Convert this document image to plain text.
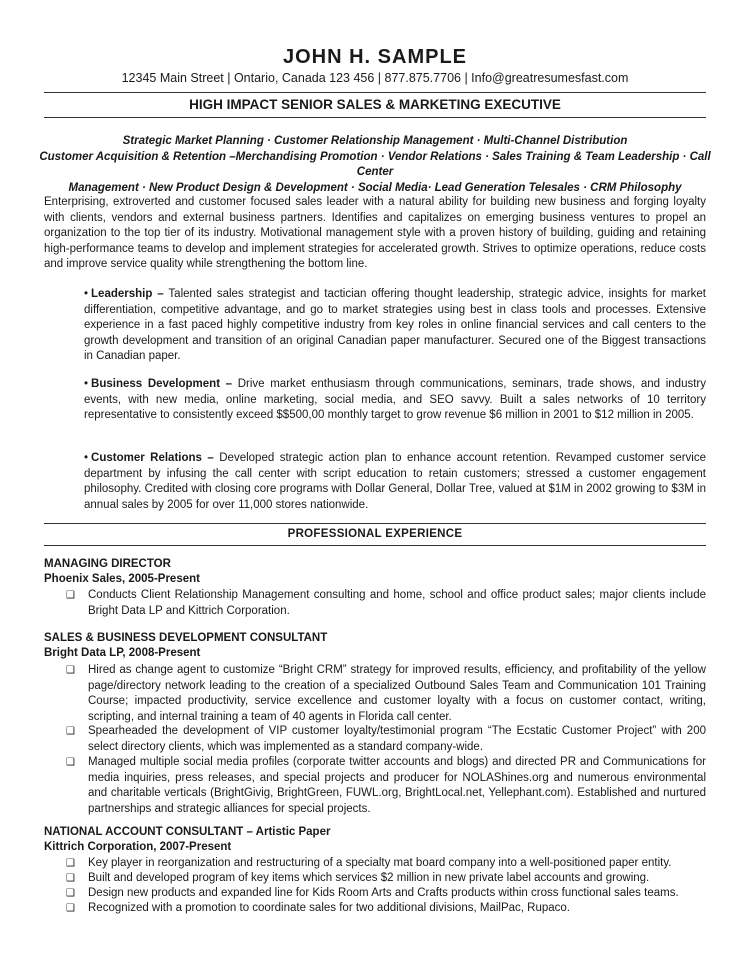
JOHN H. SAMPLE
12345 Main Street | Ontario, Canada 123 456 | 877.875.7706 | Info@greatresumesfast.com
HIGH IMPACT SENIOR SALES & MARKETING EXECUTIVE
Strategic Market Planning · Customer Relationship Management · Multi-Channel Distribution
Customer Acquisition & Retention –Merchandising Promotion · Vendor Relations · Sales Training & Team Leadership · Call Center
Management · New Product Design & Development · Social Media· Lead Generation Telesales · CRM Philosophy
Enterprising, extroverted and customer focused sales leader with a natural ability for building new business and forging loyalty with clients, vendors and external business partners. Identifies and capitalizes on emerging business ventures to propel an organization to the top tier of its industry. Motivational management style with a proven history of building, guiding and retaining high-performance teams to develop and implement strategies for accelerated growth. Strives to optimize operations, reduce costs and improve service quality while strengthening the bottom line.
• Leadership – Talented sales strategist and tactician offering thought leadership, strategic advice, insights for market differentiation, competitive advantage, and go to market strategies using best in class tools and processes. Extensive experience in a fast paced highly competitive industry from key roles in online financial services and call centers to the growth development and transition of an original Canadian paper manufacturer. Secured one of the Biggest transactions in Canadian paper.
• Business Development – Drive market enthusiasm through communications, seminars, trade shows, and industry events, with new media, online marketing, social media, and SEO savvy. Built a sales networks of 10 territory representative to consistently exceed $$500,00 monthly target to grow revenue $6 million in 2001 to $12 million in 2005.
• Customer Relations – Developed strategic action plan to enhance account retention. Revamped customer service department by infusing the call center with script education to retain customers; stressed a customer engagement philosophy. Credited with closing core programs with Dollar General, Dollar Tree, valued at $1M in 2002 growing to $3M in annual sales by 2005 for over 11,000 stores nationwide.
PROFESSIONAL EXPERIENCE
MANAGING DIRECTOR
Phoenix Sales, 2005-Present
❑ Conducts Client Relationship Management consulting and home, school and office product sales; major clients include Bright Data LP and Kittrich Corporation.
SALES & BUSINESS DEVELOPMENT CONSULTANT
Bright Data LP, 2008-Present
❑ Hired as change agent to customize “Bright CRM” strategy for improved results, efficiency, and profitability of the yellow page/directory network leading to the creation of a specialized Outbound Sales Team and Communication 101 Training Course; impacted productivity, service excellence and customer loyalty with a focus on customer contact, writing, scripting, and internal training a team of 40 agents in Florida call center.
❑ Spearheaded the development of VIP customer loyalty/testimonial program “The Ecstatic Customer Project” with 200 select directory clients, which was implemented as a standard company-wide.
❑ Managed multiple social media profiles (corporate twitter accounts and blogs) and directed PR and Communications for media inquiries, press releases, and special projects and producer for NOLAShines.org and numerous environmental and charitable verticals (BrightGivig, BrightGreen, FUWL.org, BrightLocal.net, Yellephant.com). Established and nurtured partnerships and strategic alliances for special projects.
NATIONAL ACCOUNT CONSULTANT – Artistic Paper
Kittrich Corporation, 2007-Present
❑ Key player in reorganization and restructuring of a specialty mat board company into a well-positioned paper entity.
❑ Built and developed program of key items which services $2 million in new private label accounts and growing.
❑ Design new products and expanded line for Kids Room Arts and Crafts products within cross functional sales teams.
❑ Recognized with a promotion to coordinate sales for two additional divisions, MailPac, Rupaco.
